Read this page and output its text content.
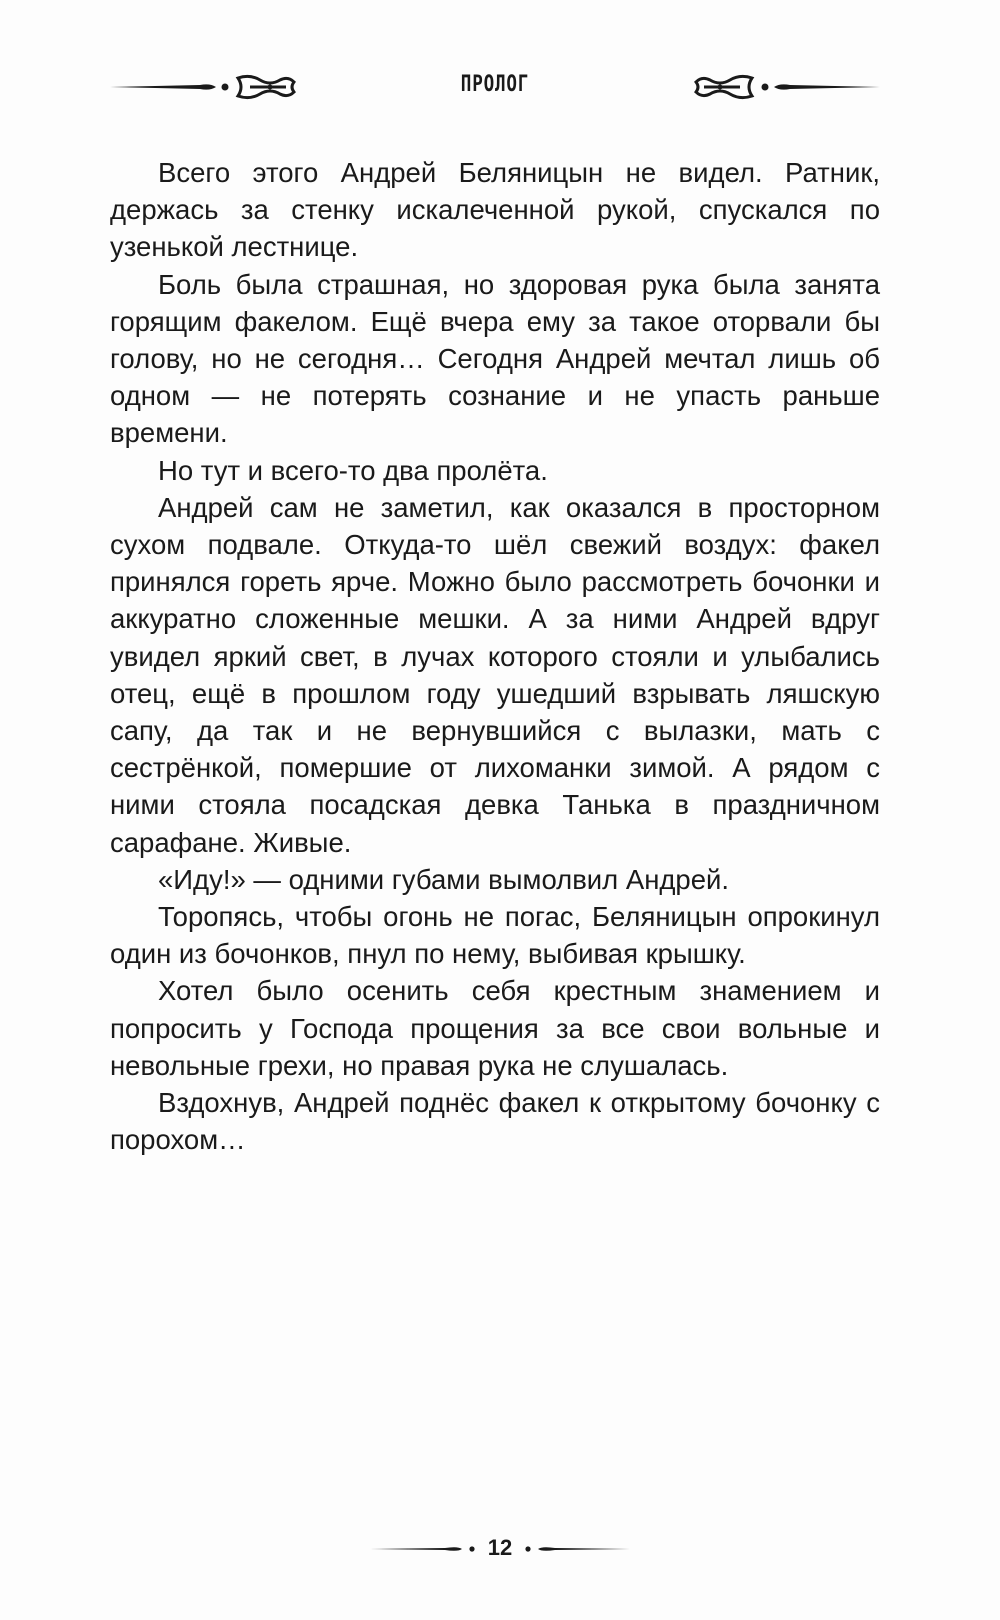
ПРОЛОГ

Всего этого Андрей Беляницын не видел. Ратник, держась за стенку искалеченной рукой, спускался по узенькой лестнице.

Боль была страшная, но здоровая рука была занята горящим факелом. Ещё вчера ему за такое оторвали бы голову, но не сегодня… Сегодня Андрей мечтал лишь об одном — не потерять сознание и не упасть раньше времени.

Но тут и всего-то два пролёта.

Андрей сам не заметил, как оказался в просторном сухом подвале. Откуда-то шёл свежий воздух: факел принялся гореть ярче. Можно было рассмотреть бочонки и аккуратно сложенные мешки. А за ними Андрей вдруг увидел яркий свет, в лучах которого стояли и улыбались отец, ещё в прошлом году ушедший взрывать ляшскую сапу, да так и не вернувшийся с вылазки, мать с сестрёнкой, помершие от лихоманки зимой. А рядом с ними стояла посадская девка Танька в праздничном сарафане. Живые.

«Иду!» — одними губами вымолвил Андрей.

Торопясь, чтобы огонь не погас, Беляницын опрокинул один из бочонков, пнул по нему, выбивая крышку.

Хотел было осенить себя крестным знамением и попросить у Господа прощения за все свои вольные и невольные грехи, но правая рука не слушалась.

Вздохнув, Андрей поднёс факел к открытому бочонку с порохом…

12
